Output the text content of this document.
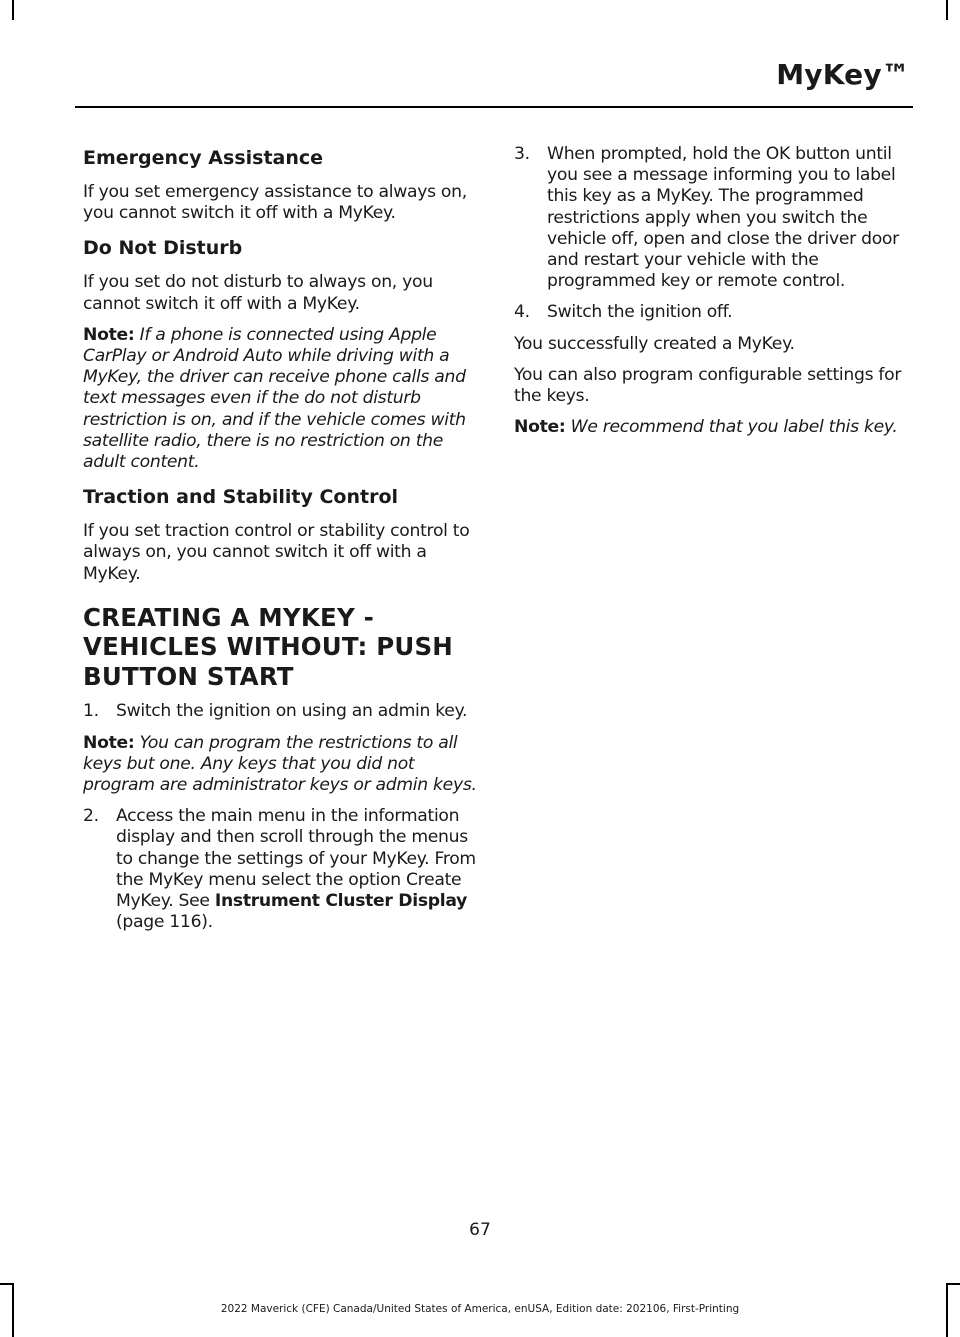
MyKey™
Emergency Assistance

If you set emergency assistance to always on, you cannot switch it off with a MyKey.

Do Not Disturb

If you set do not disturb to always on, you cannot switch it off with a MyKey.

Note: If a phone is connected using Apple CarPlay or Android Auto while driving with a MyKey, the driver can receive phone calls and text messages even if the do not disturb restriction is on, and if the vehicle comes with satellite radio, there is no restriction on the adult content.

Traction and Stability Control

If you set traction control or stability control to always on, you cannot switch it off with a MyKey.

CREATING A MYKEY - VEHICLES WITHOUT: PUSH BUTTON START
1. Switch the ignition on using an admin key.

Note: You can program the restrictions to all keys but one. Any keys that you did not program are administrator keys or admin keys.

2. Access the main menu in the information display and then scroll through the menus to change the settings of your MyKey. From the MyKey menu select the option Create MyKey. See Instrument Cluster Display (page 116).
3. When prompted, hold the OK button until you see a message informing you to label this key as a MyKey. The programmed restrictions apply when you switch the vehicle off, open and close the driver door and restart your vehicle with the programmed key or remote control.
4. Switch the ignition off.

You successfully created a MyKey.

You can also program configurable settings for the keys.

Note: We recommend that you label this key.

67
2022 Maverick (CFE) Canada/United States of America, enUSA, Edition date: 202106, First-Printing
